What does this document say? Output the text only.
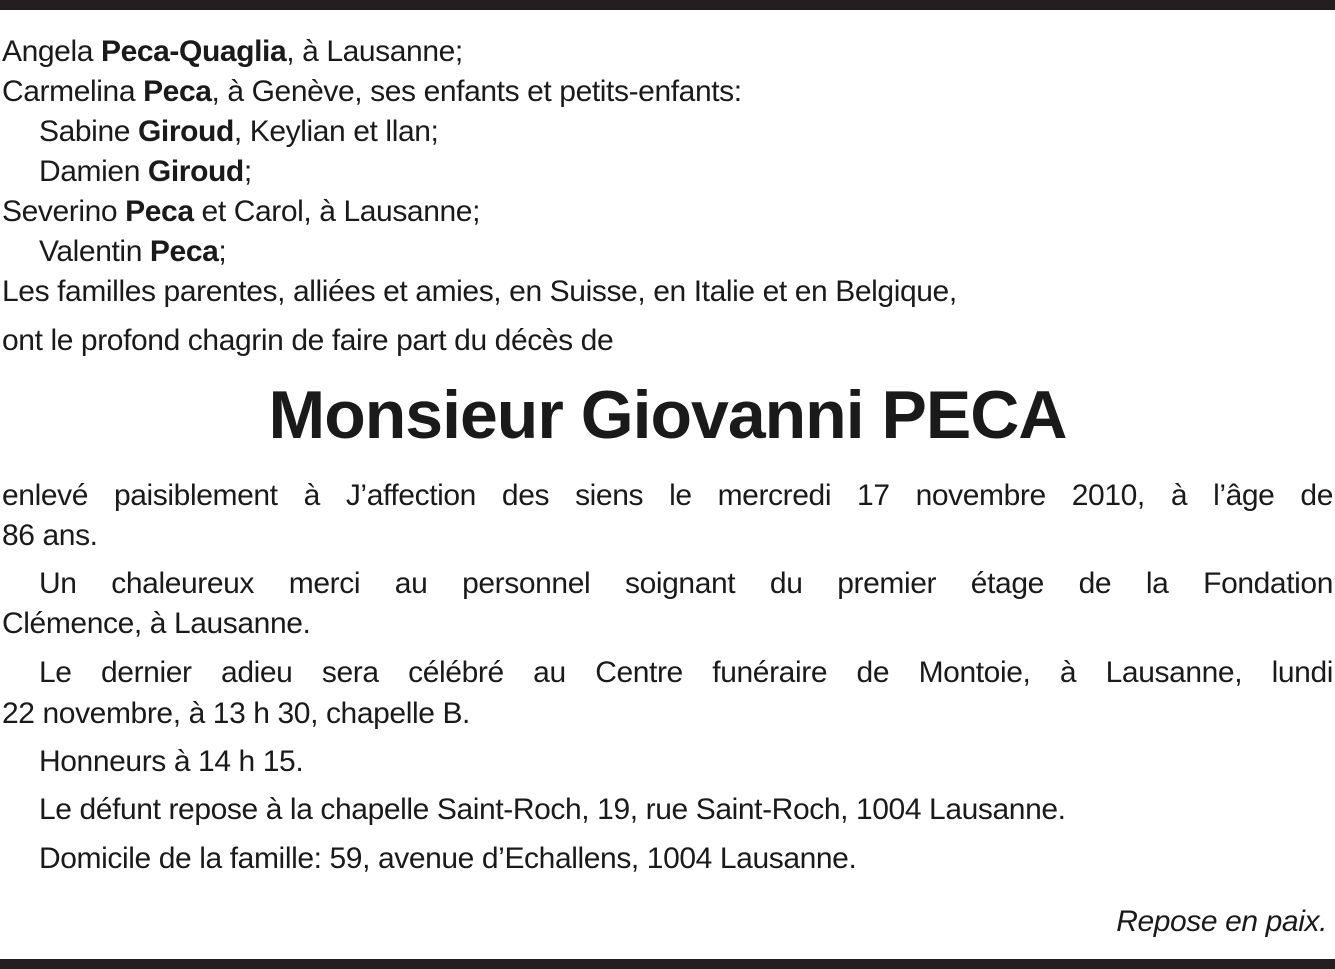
Angela Peca-Quaglia, à Lausanne;
Carmelina Peca, à Genève, ses enfants et petits-enfants:
Sabine Giroud, Keylian et llan;
Damien Giroud;
Severino Peca et Carol, à Lausanne;
Valentin Peca;
Les familles parentes, alliées et amies, en Suisse, en Italie et en Belgique,
ont le profond chagrin de faire part du décès de
Monsieur Giovanni PECA
enlevé paisiblement à J’affection des siens le mercredi 17 novembre 2010, à l’âge de
86 ans.
Un chaleureux merci au personnel soignant du premier étage de la Fondation
Clémence, à Lausanne.
Le dernier adieu sera célébré au Centre funéraire de Montoie, à Lausanne, lundi
22 novembre, à 13 h 30, chapelle B.
Honneurs à 14 h 15.
Le défunt repose à la chapelle Saint-Roch, 19, rue Saint-Roch, 1004 Lausanne.
Domicile de la famille: 59, avenue d’Echallens, 1004 Lausanne.
Repose en paix.
